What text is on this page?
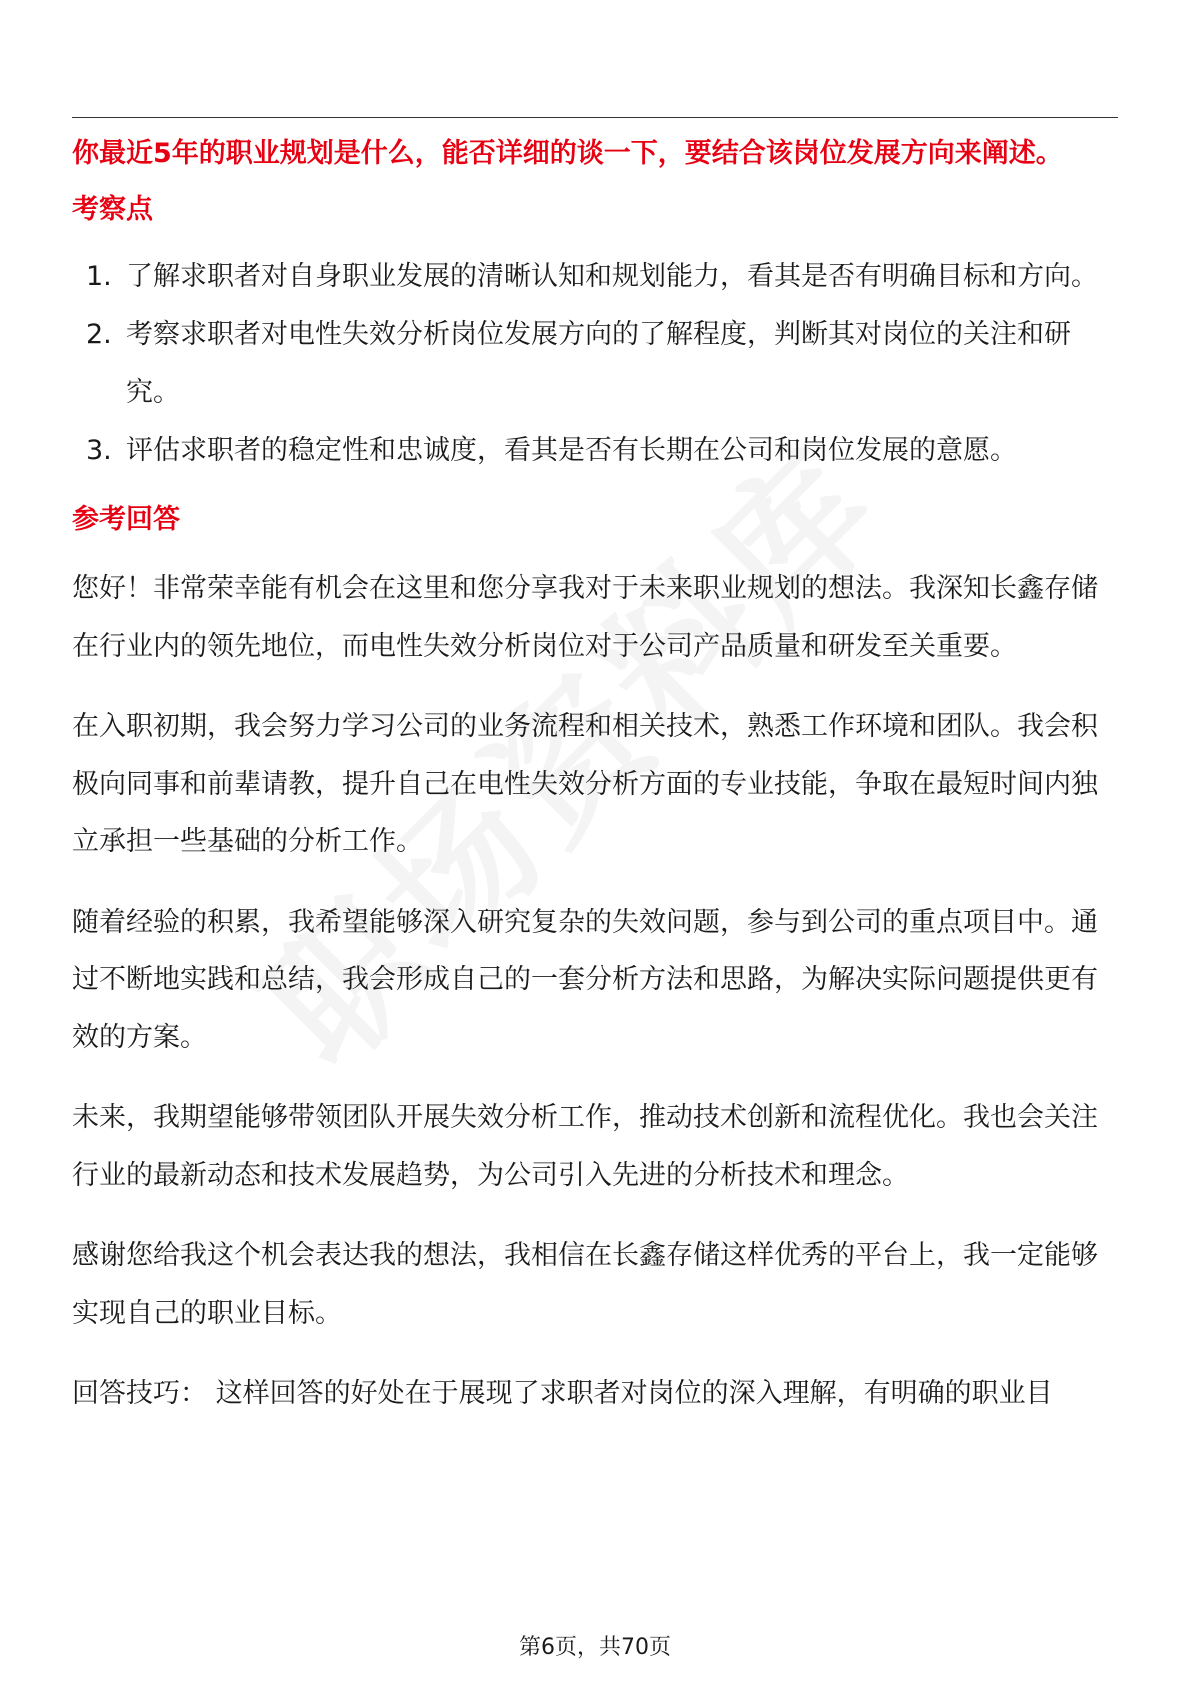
你最近5年的职业规划是什么，能否详细的谈一下，要结合该岗位发展方向来阐述。

考察点

1. 了解求职者对自身职业发展的清晰认知和规划能力，看其是否有明确目标和方向。
2. 考察求职者对电性失效分析岗位发展方向的了解程度，判断其对岗位的关注和研究。
3. 评估求职者的稳定性和忠诚度，看其是否有长期在公司和岗位发展的意愿。

参考回答

您好！非常荣幸能有机会在这里和您分享我对于未来职业规划的想法。我深知长鑫存储在行业内的领先地位，而电性失效分析岗位对于公司产品质量和研发至关重要。

在入职初期，我会努力学习公司的业务流程和相关技术，熟悉工作环境和团队。我会积极向同事和前辈请教，提升自己在电性失效分析方面的专业技能，争取在最短时间内独立承担一些基础的分析工作。

随着经验的积累，我希望能够深入研究复杂的失效问题，参与到公司的重点项目中。通过不断地实践和总结，我会形成自己的一套分析方法和思路，为解决实际问题提供更有效的方案。

未来，我期望能够带领团队开展失效分析工作，推动技术创新和流程优化。我也会关注行业的最新动态和技术发展趋势，为公司引入先进的分析技术和理念。

感谢您给我这个机会表达我的想法，我相信在长鑫存储这样优秀的平台上，我一定能够实现自己的职业目标。

回答技巧： 这样回答的好处在于展现了求职者对岗位的深入理解，有明确的职业目

第6页，共70页
